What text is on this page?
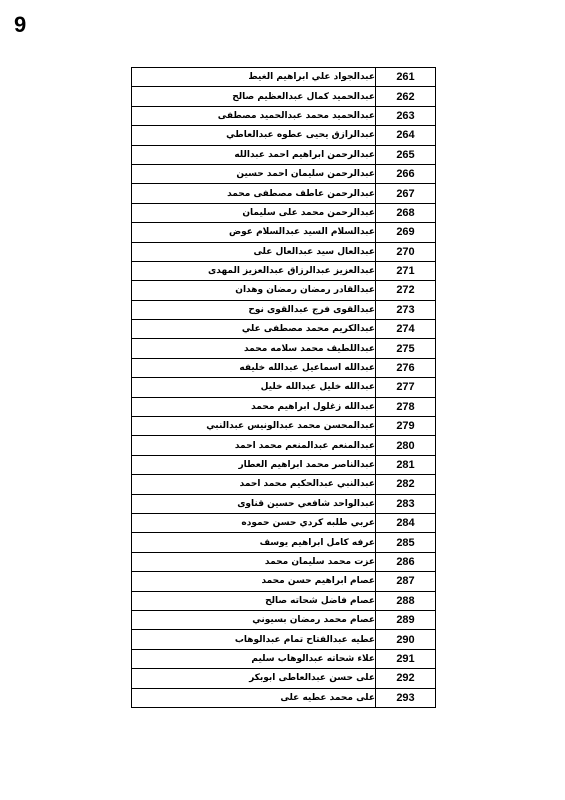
9
عبدالجواد علي ابراهيم الغيط	261
عبدالحميد كمال عبدالعظيم صالح	262
عبدالحميد محمد عبدالحميد مصطفى	263
عبدالرازق يحيى عطوه عبدالعاطي	264
عبدالرحمن ابراهيم احمد عبدالله	265
عبدالرحمن سليمان احمد حسين	266
عبدالرحمن عاطف مصطفى محمد	267
عبدالرحمن محمد على سليمان	268
عبدالسلام السيد عبدالسلام عوض	269
عبدالعال سيد عبدالعال على	270
عبدالعزيز عبدالرزاق عبدالعزيز المهدى	271
عبدالقادر رمضان رمضان وهدان	272
عبدالقوى فرج عبدالقوى نوح	273
عبدالكريم محمد مصطفى علي	274
عبداللطيف محمد سلامه محمد	275
عبدالله اسماعيل عبدالله خليفه	276
عبدالله خليل عبدالله خليل	277
عبدالله زغلول ابراهيم محمد	278
عبدالمحسن محمد عبدالونيس عبدالنبي	279
عبدالمنعم عبدالمنعم محمد احمد	280
عبدالناصر محمد ابراهيم العطار	281
عبدالنبي عبدالحكيم محمد احمد	282
عبدالواحد شافعي حسين قناوى	283
عربي طلبه كردي حسن حموده	284
عرفه كامل ابراهيم يوسف	285
عزت محمد سليمان محمد	286
عصام ابراهيم حسن محمد	287
عصام فاضل شحاته صالح	288
عصام محمد رمضان بسيوني	289
عطيه عبدالفتاح تمام عبدالوهاب	290
علاء شحاته عبدالوهاب سليم	291
على حسن عبدالعاطى ابوبكر	292
على محمد عطيه على	293
